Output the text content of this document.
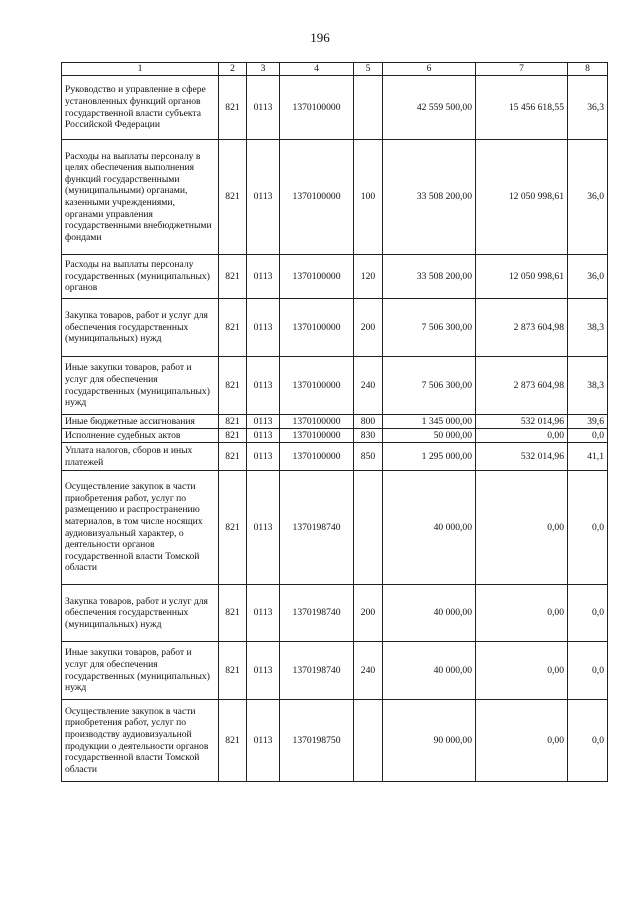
196
1	2	3	4	5	6	7	8
Руководство и управление в сфере установленных функций органов государственной власти субъекта Российской Федерации	821	0113	1370100000		42 559 500,00	15 456 618,55	36,3
Расходы на выплаты персоналу в целях обеспечения выполнения функций государственными (муниципальными) органами, казенными учреждениями, органами управления государственными внебюджетными фондами	821	0113	1370100000	100	33 508 200,00	12 050 998,61	36,0
Расходы на выплаты персоналу государственных (муниципальных) органов	821	0113	1370100000	120	33 508 200,00	12 050 998,61	36,0
Закупка товаров, работ и услуг для обеспечения государственных (муниципальных) нужд	821	0113	1370100000	200	7 506 300,00	2 873 604,98	38,3
Иные закупки товаров, работ и услуг для обеспечения государственных (муниципальных) нужд	821	0113	1370100000	240	7 506 300,00	2 873 604,98	38,3
Иные бюджетные ассигнования	821	0113	1370100000	800	1 345 000,00	532 014,96	39,6
Исполнение судебных актов	821	0113	1370100000	830	50 000,00	0,00	0,0
Уплата налогов, сборов и иных платежей	821	0113	1370100000	850	1 295 000,00	532 014,96	41,1
Осуществление закупок в части приобретения работ, услуг по размещению и распространению материалов, в том числе носящих аудиовизуальный характер, о деятельности органов государственной власти Томской области	821	0113	1370198740		40 000,00	0,00	0,0
Закупка товаров, работ и услуг для обеспечения государственных (муниципальных) нужд	821	0113	1370198740	200	40 000,00	0,00	0,0
Иные закупки товаров, работ и услуг для обеспечения государственных (муниципальных) нужд	821	0113	1370198740	240	40 000,00	0,00	0,0
Осуществление закупок в части приобретения работ, услуг по производству аудиовизуальной продукции о деятельности органов государственной власти Томской области	821	0113	1370198750		90 000,00	0,00	0,0
